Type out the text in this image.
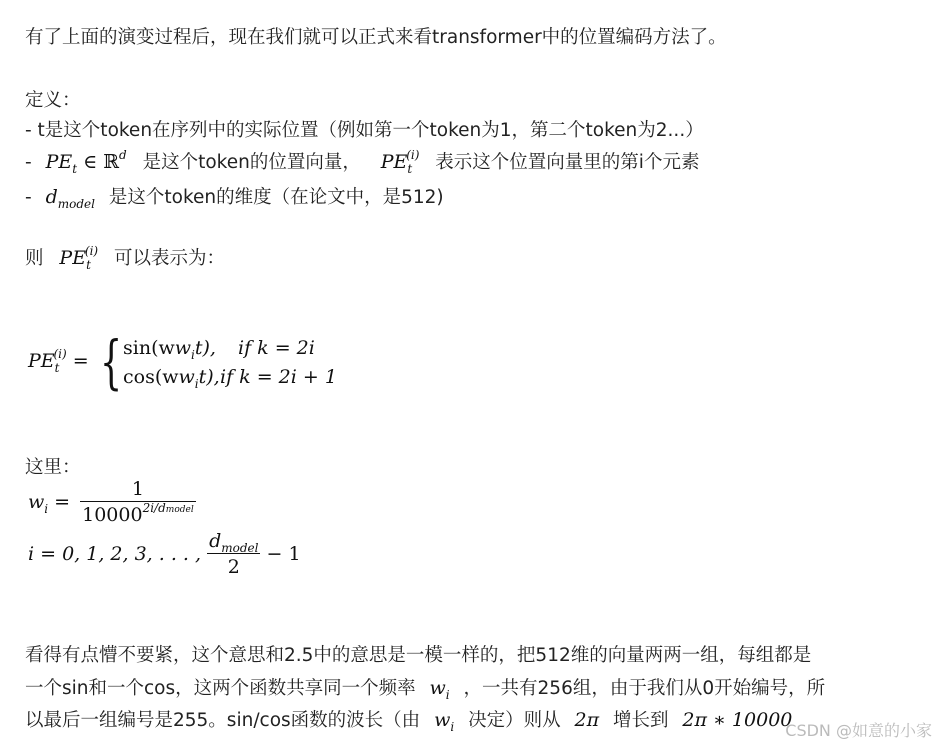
有了上面的演变过程后，现在我们就可以正式来看transformer中的位置编码方法了。
定义：
- t是这个token在序列中的实际位置（例如第一个token为1，第二个token为2...）
- $PE_t$ ∈ ℝ$^d$ 是这个token的位置向量， $PE_t^{(i)}$ 表示这个位置向量里的第i个元素
- $d_{model}$ 是这个token的维度（在论文中，是512)
则 $PE_t^{(i)}$ 可以表示为：
$PE_t^{(i)}$ = { $\sin(ww_it)$, if k = 2i
$\cos(ww_it)$, if k = 2i + 1
这里：
$w_i = \frac{1}{10000^{2i/dmodel}}$
i = 0, 1, 2, 3, . . . , $\frac{d_{model}}{2} - 1$
看得有点懵不要紧，这个意思和2.5中的意思是一模一样的，把512维的向量两两一组，每组都是
一个sin和一个cos，这两个函数共享同一个频率 $w_i$ ，一共有256组，由于我们从0开始编号，所
以最后一组编号是255。sin/cos函数的波长（由 $w_i$ 决定）则从 2π 增长到 2π ∗ 10000
CSDN @如意的小家
